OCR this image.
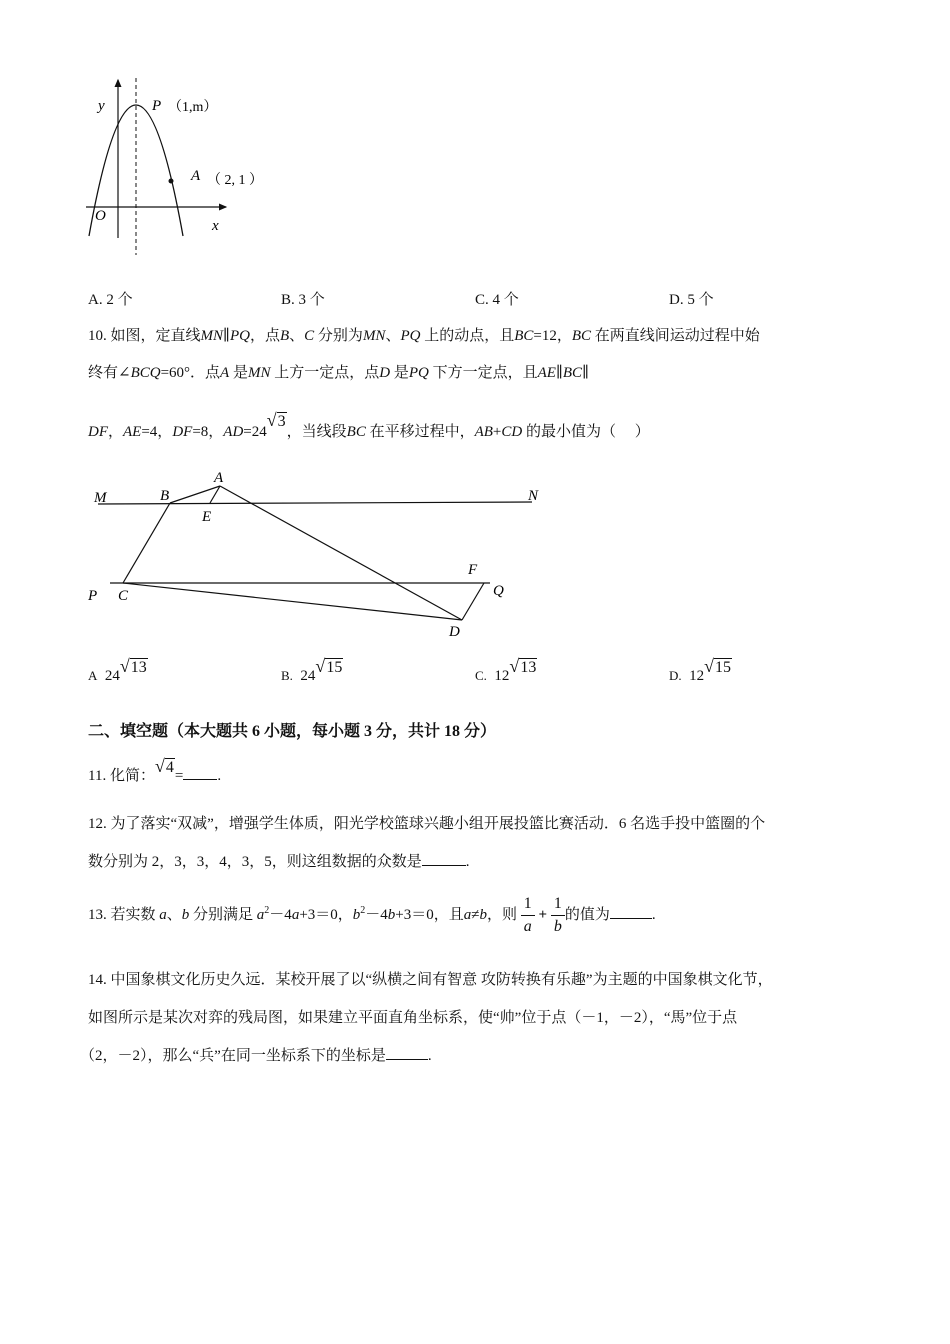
y
x
O
P （1,m）
A （ 2, 1 ）
A. 2 个	B. 3 个	C. 4 个	D. 5 个
10. 如图，定直线MN∥PQ，点B、C 分别为MN、PQ 上的动点，且BC=12，BC 在两直线间运动过程中始
终有∠BCQ=60°．点A 是MN 上方一定点，点D 是PQ 下方一定点，且AE∥BC∥
DF，AE=4，DF=8，AD=24√3，当线段BC 在平移过程中，AB+CD 的最小值为（　 ）
M	B
A
E
N
P C
F
Q
D
A 24√13	B. 24√15	C. 12√13	D. 12√15
二、填空题（本大题共 6 小题，每小题 3 分，共计 18 分）
11. 化简：√4= .
12. 为了落实“双减”，增强学生体质，阳光学校篮球兴趣小组开展投篮比赛活动．6 名选手投中篮圈的个
数分别为 2，3，3，4，3，5，则这组数据的众数是	.
13. 若实数 a、b 分别满足 $a^2-4a+3=0$，$b^2-4b+3=0$，且a≠b，则 $\frac{1}{a} + \frac{1}{b}$ 的值为	.
14. 中国象棋文化历史久远．某校开展了以“纵横之间有智意 攻防转换有乐趣”为主题的中国象棋文化节，
如图所示是某次对弈的残局图，如果建立平面直角坐标系，使“帅”位于点（－1，－2），“馬”位于点
（2，－2），那么“兵”在同一坐标系下的坐标是	.
